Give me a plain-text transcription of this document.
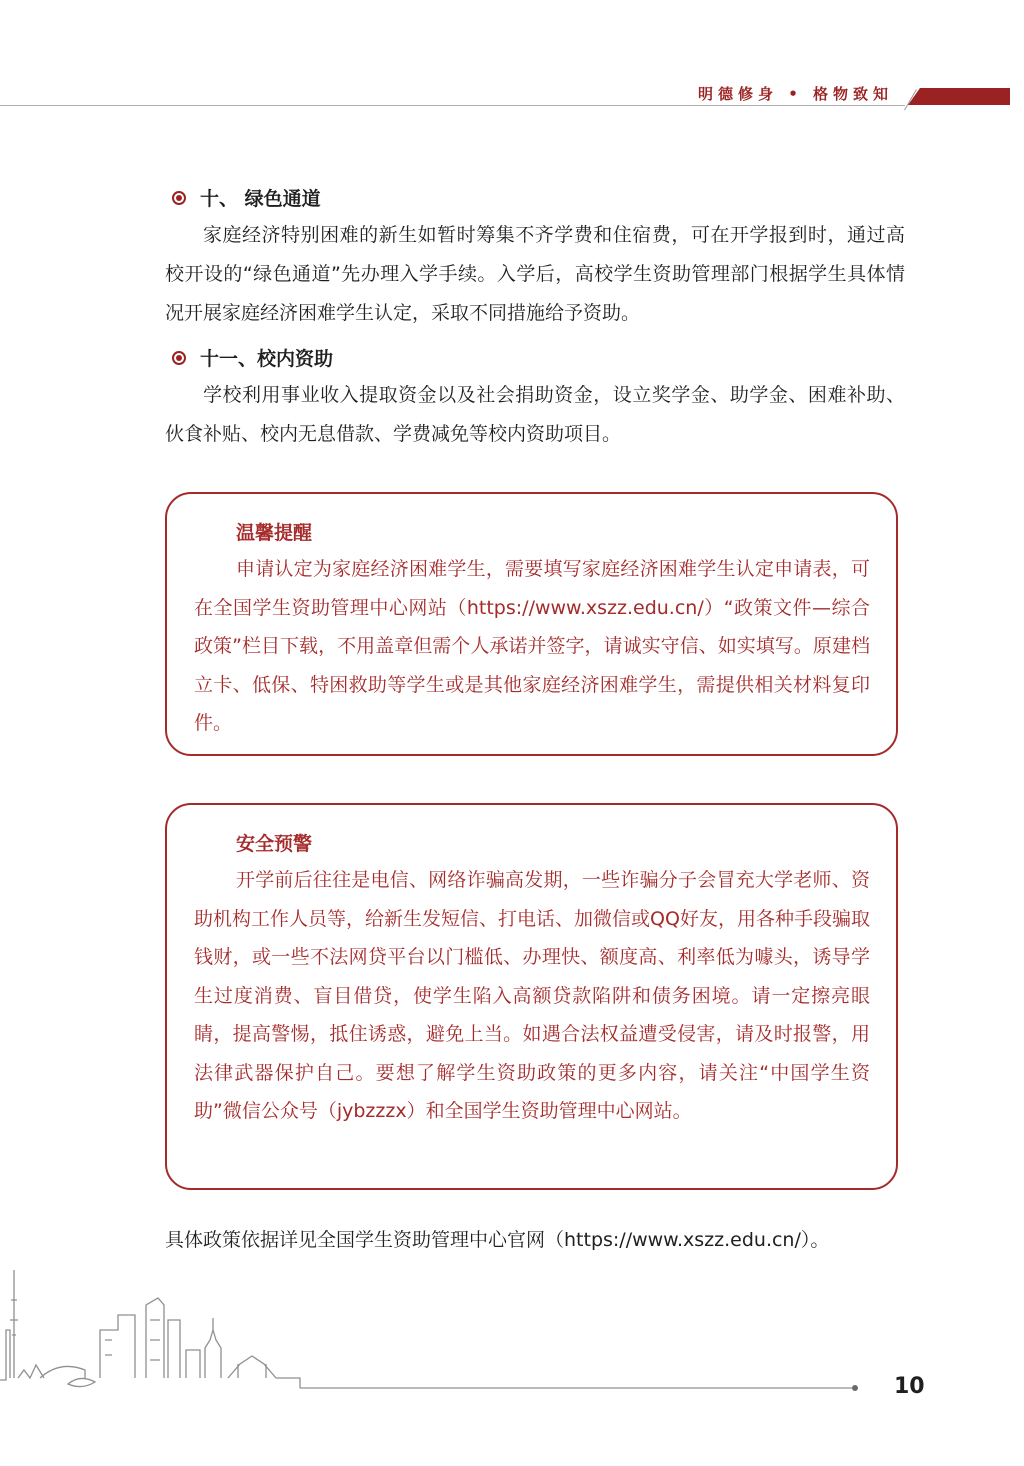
明德修身 • 格物致知
十、 绿色通道

家庭经济特别困难的新生如暂时筹集不齐学费和住宿费，可在开学报到时，通过高校开设的“绿色通道”先办理入学手续。入学后，高校学生资助管理部门根据学生具体情况开展家庭经济困难学生认定，采取不同措施给予资助。

十一、校内资助

学校利用事业收入提取资金以及社会捐助资金，设立奖学金、助学金、困难补助、伙食补贴、校内无息借款、学费减免等校内资助项目。

温馨提醒

申请认定为家庭经济困难学生，需要填写家庭经济困难学生认定申请表，可在全国学生资助管理中心网站（https://www.xszz.edu.cn/）“政策文件—综合政策”栏目下载，不用盖章但需个人承诺并签字，请诚实守信、如实填写。原建档立卡、低保、特困救助等学生或是其他家庭经济困难学生，需提供相关材料复印件。

安全预警

开学前后往往是电信、网络诈骗高发期，一些诈骗分子会冒充大学老师、资助机构工作人员等，给新生发短信、打电话、加微信或QQ好友，用各种手段骗取钱财，或一些不法网贷平台以门槛低、办理快、额度高、利率低为噱头，诱导学生过度消费、盲目借贷，使学生陷入高额贷款陷阱和债务困境。请一定擦亮眼睛，提高警惕，抵住诱惑，避免上当。如遇合法权益遭受侵害，请及时报警，用法律武器保护自己。要想了解学生资助政策的更多内容，请关注“中国学生资助”微信公众号（jybzzzx）和全国学生资助管理中心网站。

具体政策依据详见全国学生资助管理中心官网（https://www.xszz.edu.cn/）。
10
